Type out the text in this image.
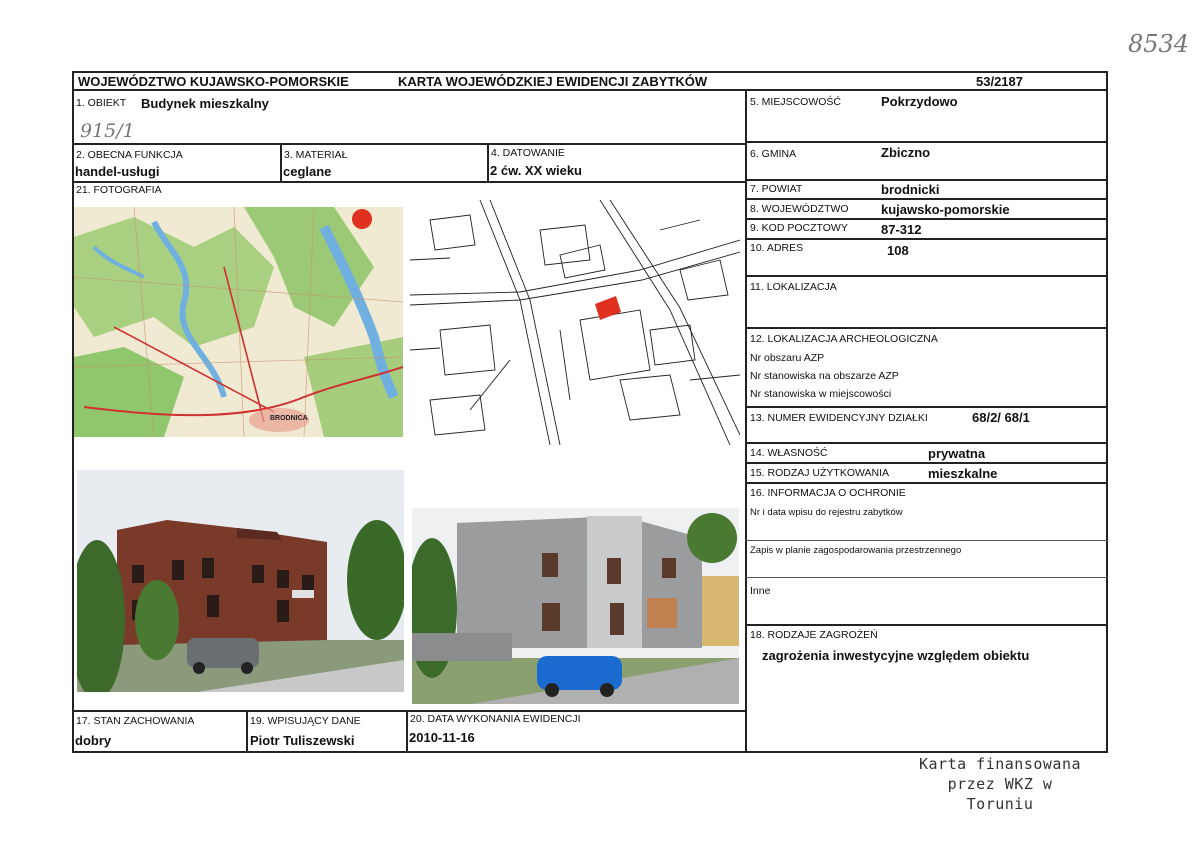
8534
WOJEWÓDZTWO KUJAWSKO-POMORSKIE	KARTA WOJEWÓDZKIEJ EWIDENCJI ZABYTKÓW	53/2187
1. OBIEKT Budynek mieszkalny
915/1
2. OBECNA FUNKCJA
handel-usługi
3. MATERIAŁ
ceglane
4. DATOWANIE
2 ćw. XX wieku
21. FOTOGRAFIA
BRODNICA
17. STAN ZACHOWANIA
dobry
19. WPISUJĄCY DANE
Piotr Tuliszewski
20. DATA WYKONANIA EWIDENCJI
2010-11-16
5. MIEJSCOWOŚĆ	Pokrzydowo
6. GMINA	Zbiczno
7. POWIAT	brodnicki
8. WOJEWÓDZTWO kujawsko-pomorskie
9. KOD POCZTOWY	87-312
10. ADRES	108
11. LOKALIZACJA
12. LOKALIZACJA ARCHEOLOGICZNA
Nr obszaru AZP
Nr stanowiska na obszarze AZP
Nr stanowiska w miejscowości
13. NUMER EWIDENCYJNY DZIAŁKI	68/2/ 68/1
14. WŁASNOŚĆ	prywatna
15. RODZAJ UŻYTKOWANIA	mieszkalne
16. INFORMACJA O OCHRONIE
Nr i data wpisu do rejestru zabytków
Zapis w planie zagospodarowania przestrzennego
Inne
18. RODZAJE ZAGROŻEŃ
zagrożenia inwestycyjne względem obiektu
Karta finansowana
przez WKZ w Toruniu
